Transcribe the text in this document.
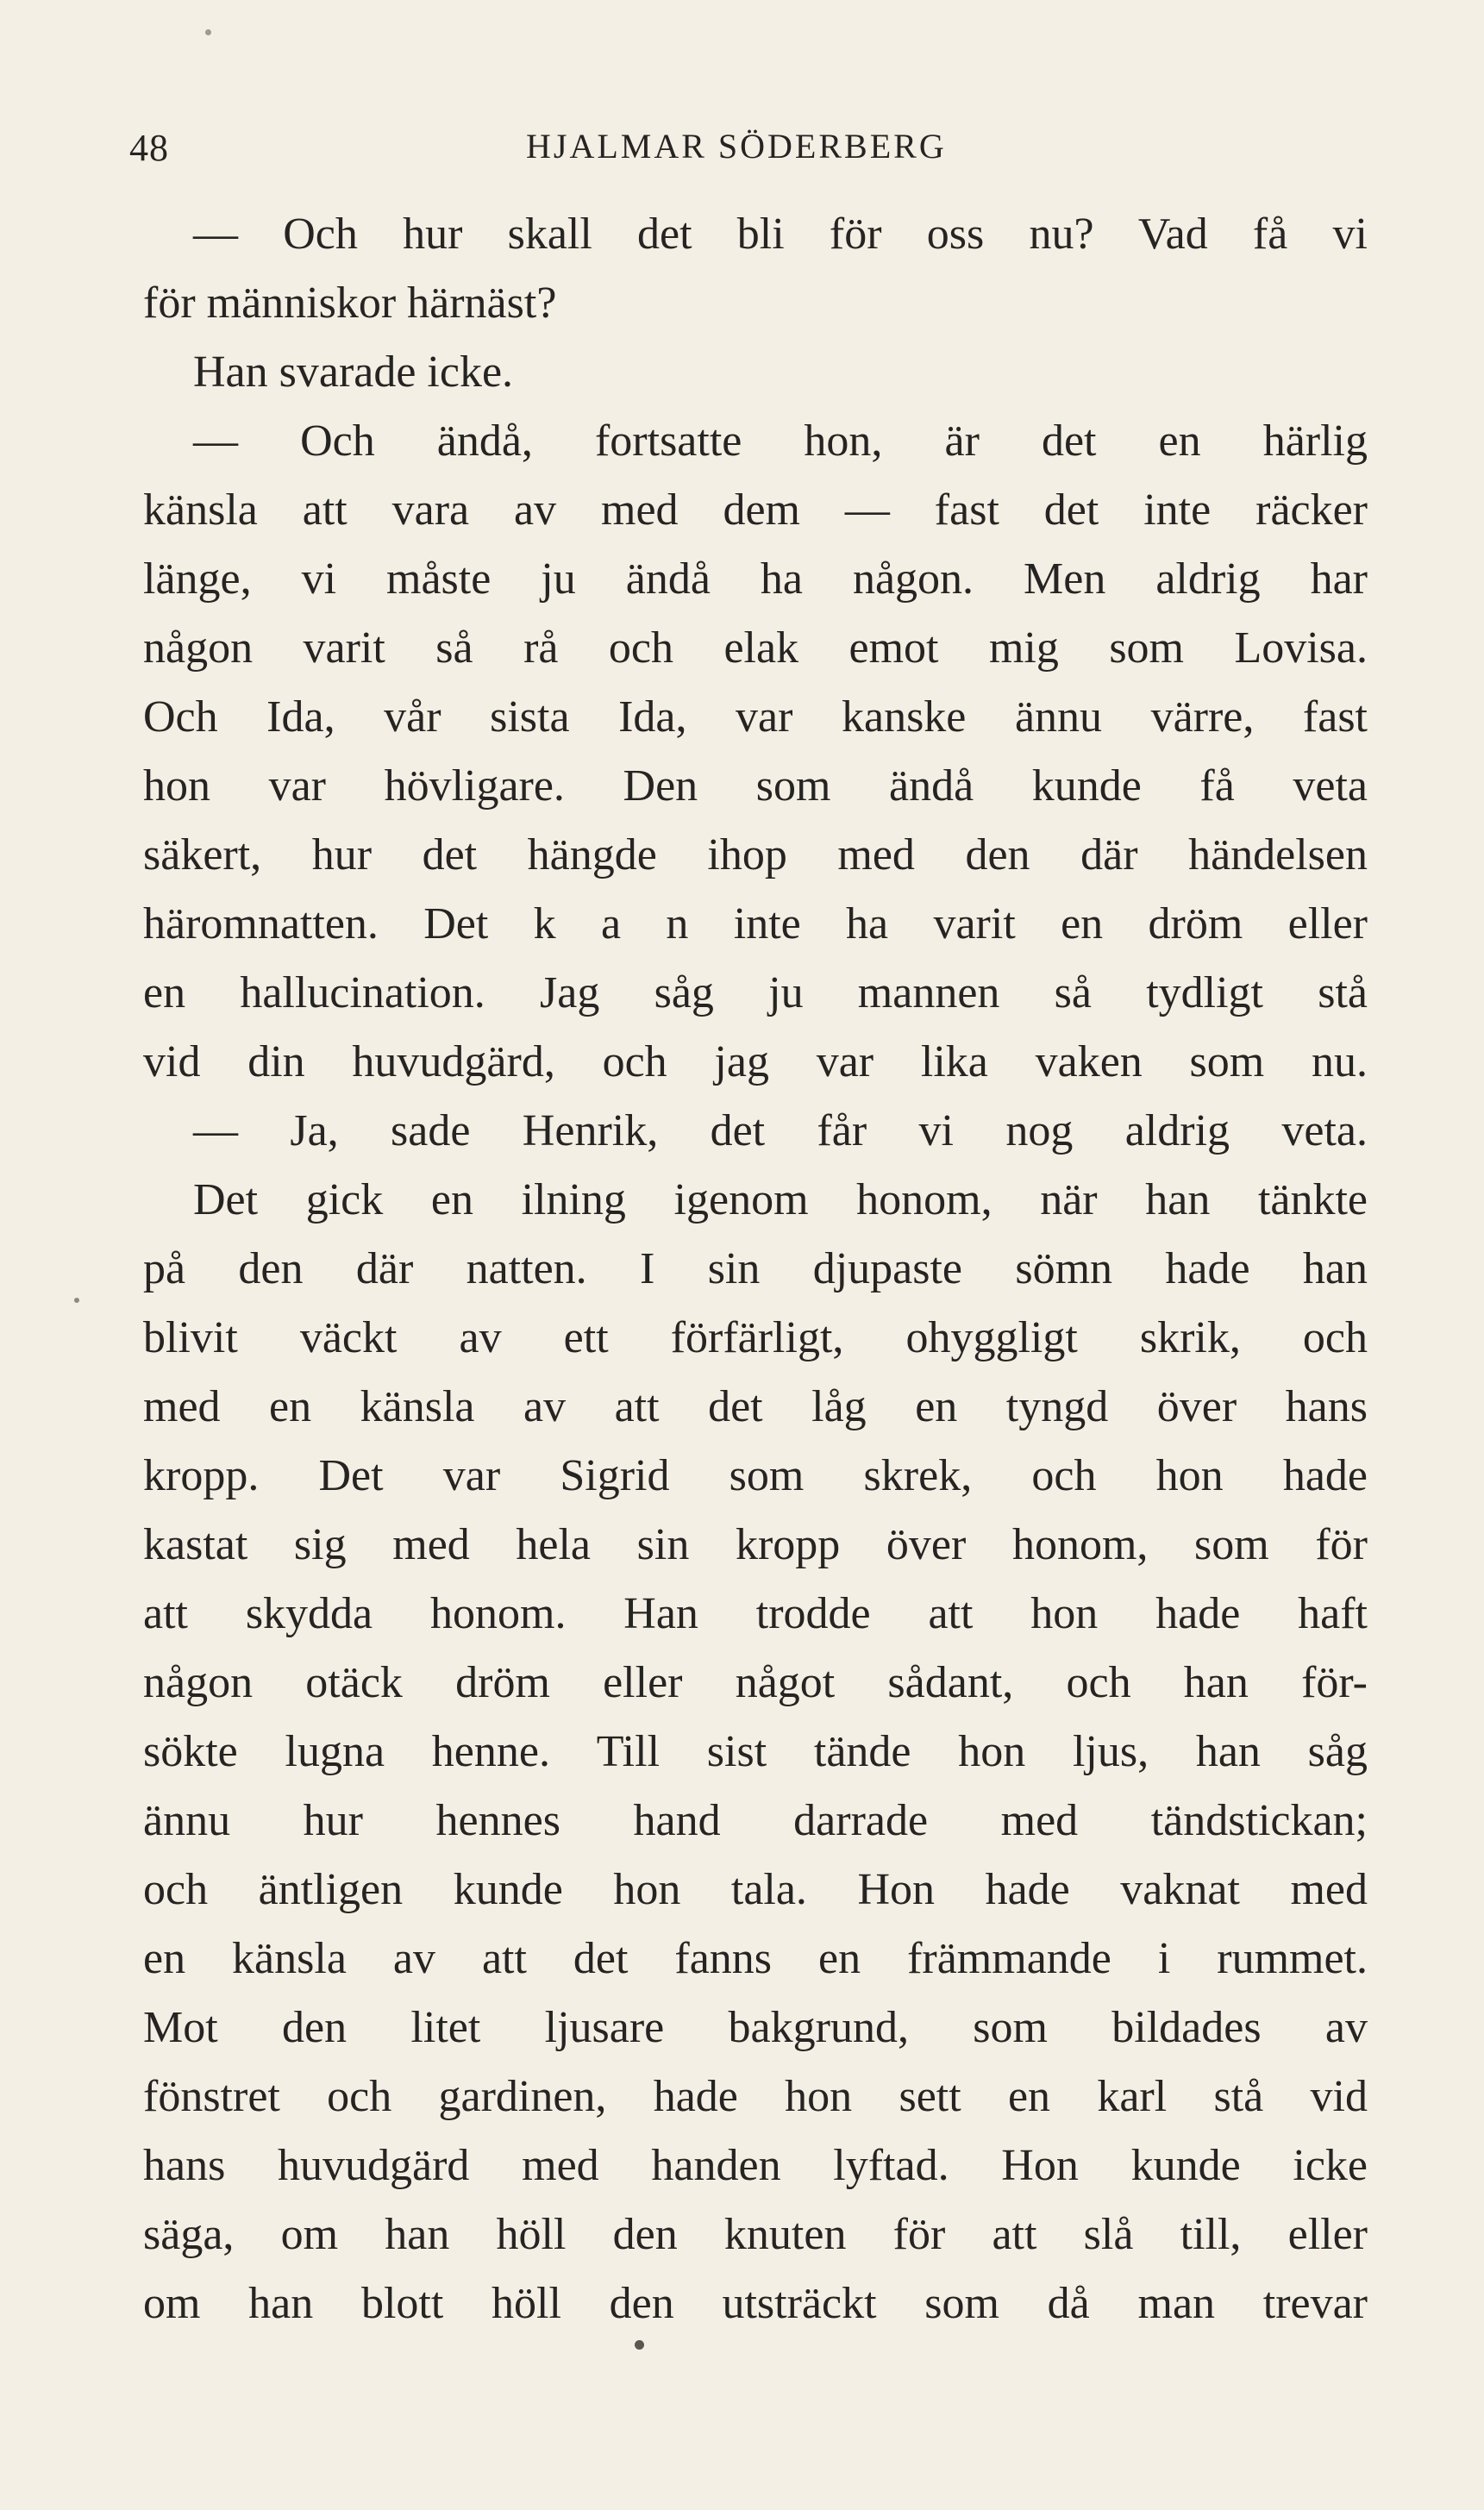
48	HJALMAR SÖDERBERG
— Och hur skall det bli för oss nu? Vad få vi
för människor härnäst?
Han svarade icke.
— Och ändå, fortsatte hon, är det en härlig
känsla att vara av med dem — fast det inte räcker
länge, vi måste ju ändå ha någon. Men aldrig har
någon varit så rå och elak emot mig som Lovisa.
Och Ida, vår sista Ida, var kanske ännu värre, fast
hon var hövligare. Den som ändå kunde få veta
säkert, hur det hängde ihop med den där händelsen
häromnatten. Det k a n inte ha varit en dröm eller
en hallucination. Jag såg ju mannen så tydligt stå
vid din huvudgärd, och jag var lika vaken som nu.
— Ja, sade Henrik, det får vi nog aldrig veta.
Det gick en ilning igenom honom, när han tänkte
på den där natten. I sin djupaste sömn hade han
blivit väckt av ett förfärligt, ohyggligt skrik, och
med en känsla av att det låg en tyngd över hans
kropp. Det var Sigrid som skrek, och hon hade
kastat sig med hela sin kropp över honom, som för
att skydda honom. Han trodde att hon hade haft
någon otäck dröm eller något sådant, och han för-
sökte lugna henne. Till sist tände hon ljus, han såg
ännu hur hennes hand darrade med tändstickan;
och äntligen kunde hon tala. Hon hade vaknat med
en känsla av att det fanns en främmande i rummet.
Mot den litet ljusare bakgrund, som bildades av
fönstret och gardinen, hade hon sett en karl stå vid
hans huvudgärd med handen lyftad. Hon kunde icke
säga, om han höll den knuten för att slå till, eller
om han blott höll den utsträckt som då man trevar
